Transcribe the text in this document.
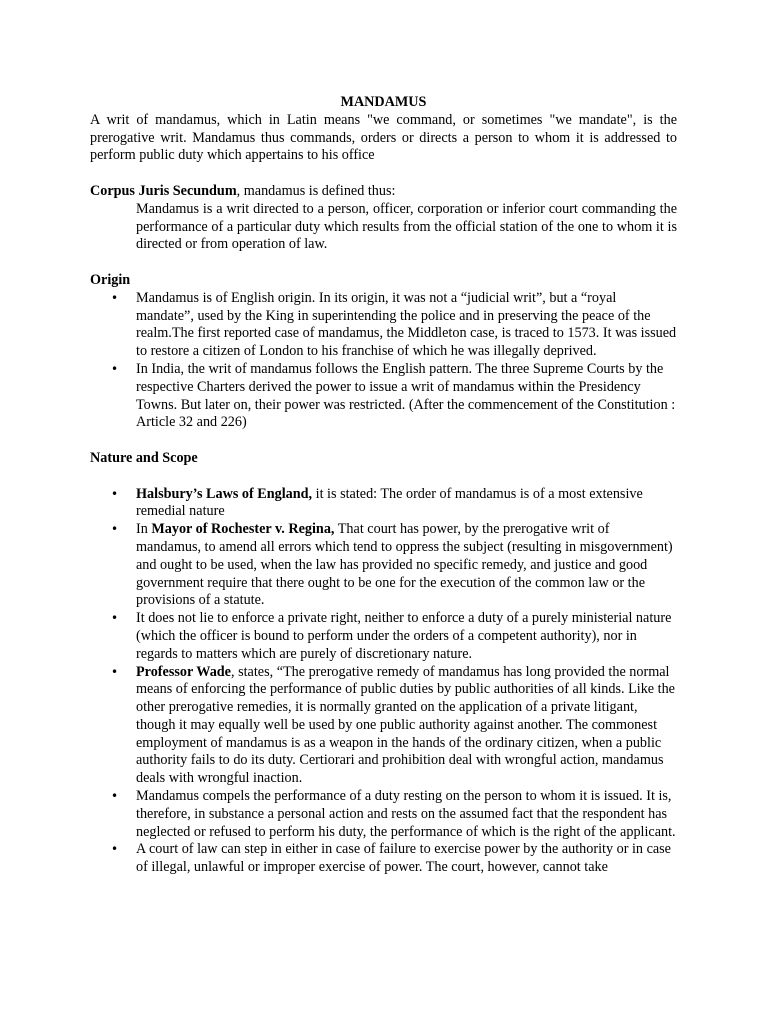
MANDAMUS

A writ of mandamus, which in Latin means "we command, or sometimes "we mandate", is the prerogative writ. Mandamus thus commands, orders or directs a person to whom it is addressed to perform public duty which appertains to his office

Corpus Juris Secundum, mandamus is defined thus:

Mandamus is a writ directed to a person, officer, corporation or inferior court commanding the performance of a particular duty which results from the official station of the one to whom it is directed or from operation of law.

Origin

• Mandamus is of English origin. In its origin, it was not a “judicial writ”, but a “royal mandate”, used by the King in superintending the police and in preserving the peace of the realm.The first reported case of mandamus, the Middleton case, is traced to 1573. It was issued to restore a citizen of London to his franchise of which he was illegally deprived.
• In India, the writ of mandamus follows the English pattern. The three Supreme Courts by the respective Charters derived the power to issue a writ of mandamus within the Presidency Towns. But later on, their power was restricted. (After the commencement of the Constitution : Article 32 and 226)

Nature and Scope

• Halsbury’s Laws of England, it is stated: The order of mandamus is of a most extensive remedial nature
• In Mayor of Rochester v. Regina, That court has power, by the prerogative writ of mandamus, to amend all errors which tend to oppress the subject (resulting in misgovernment) and ought to be used, when the law has provided no specific remedy, and justice and good government require that there ought to be one for the execution of the common law or the provisions of a statute.
• It does not lie to enforce a private right, neither to enforce a duty of a purely ministerial nature (which the officer is bound to perform under the orders of a competent authority), nor in regards to matters which are purely of discretionary nature.
• Professor Wade, states, “The prerogative remedy of mandamus has long provided the normal means of enforcing the performance of public duties by public authorities of all kinds. Like the other prerogative remedies, it is normally granted on the application of a private litigant, though it may equally well be used by one public authority against another. The commonest employment of mandamus is as a weapon in the hands of the ordinary citizen, when a public authority fails to do its duty. Certiorari and prohibition deal with wrongful action, mandamus deals with wrongful inaction.
• Mandamus compels the performance of a duty resting on the person to whom it is issued. It is, therefore, in substance a personal action and rests on the assumed fact that the respondent has neglected or refused to perform his duty, the performance of which is the right of the applicant.
• A court of law can step in either in case of failure to exercise power by the authority or in case of illegal, unlawful or improper exercise of power. The court, however, cannot take
